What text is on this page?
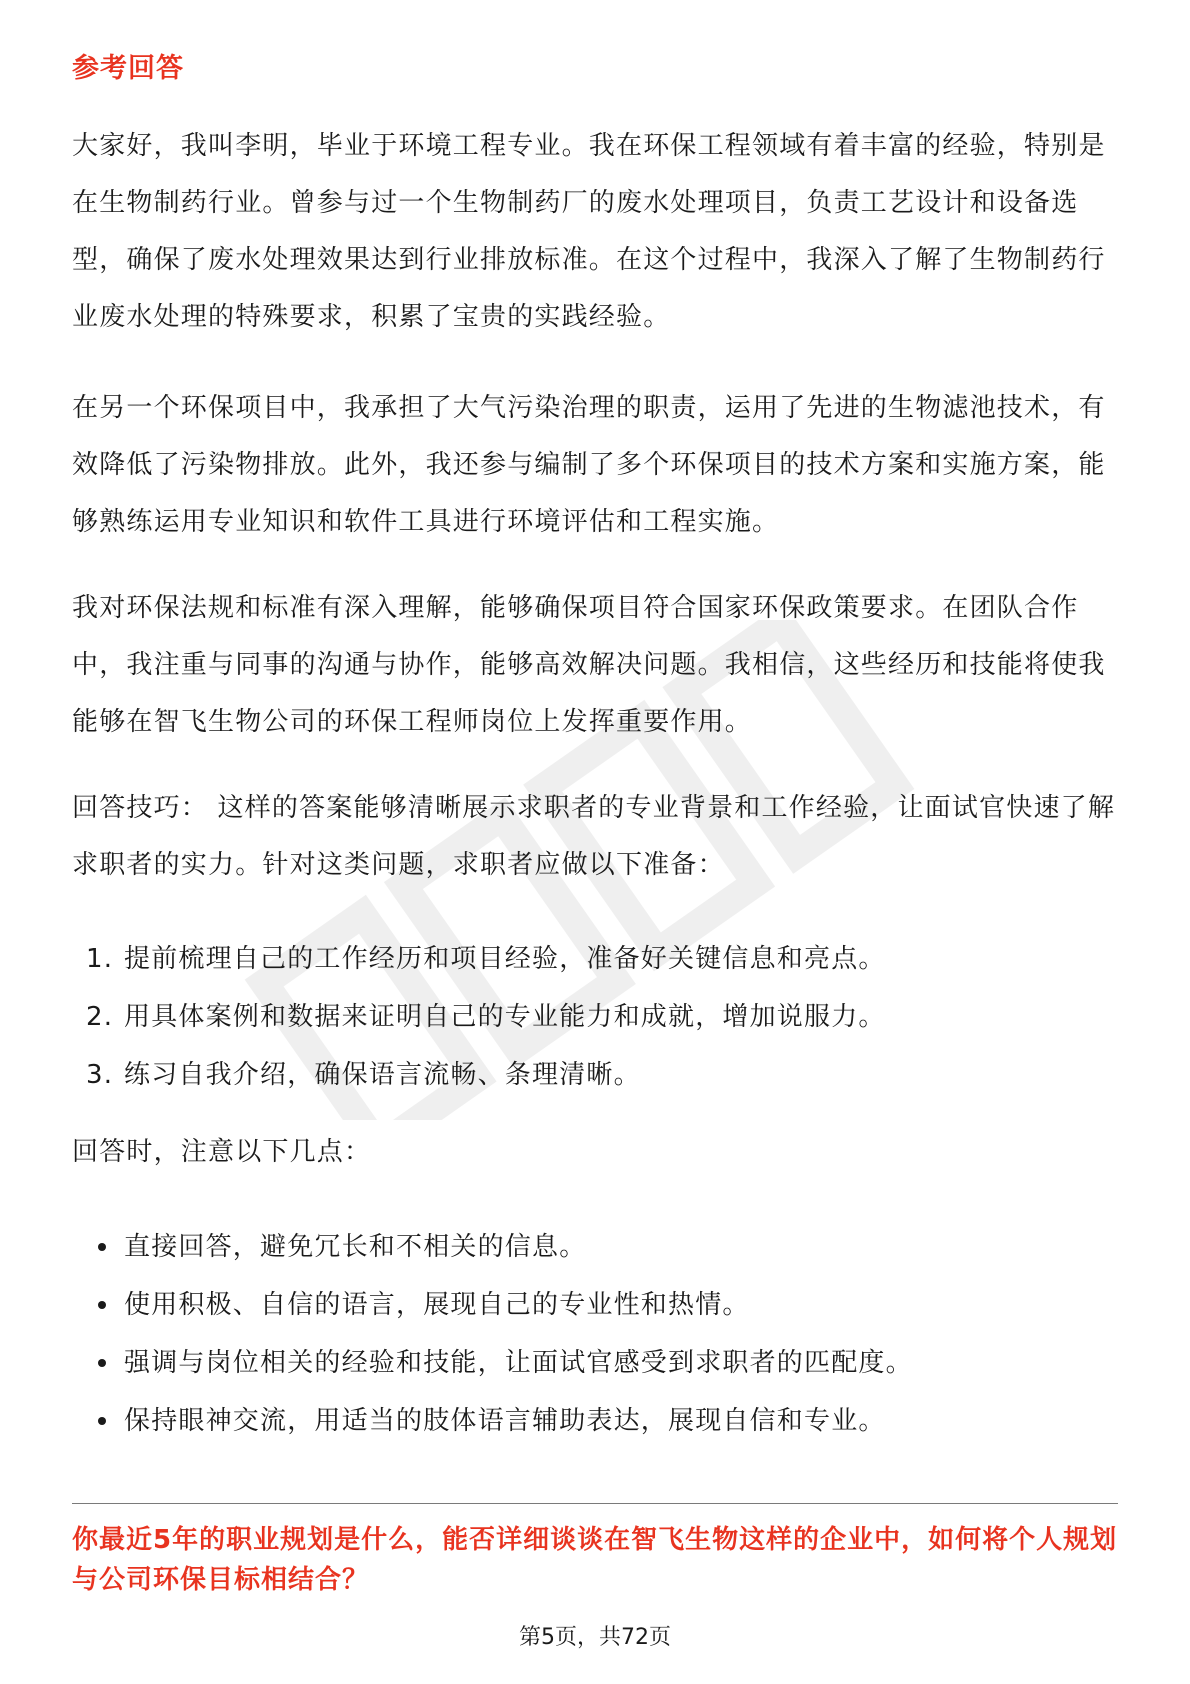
参考回答

大家好，我叫李明，毕业于环境工程专业。我在环保工程领域有着丰富的经验，特别是在生物制药行业。曾参与过一个生物制药厂的废水处理项目，负责工艺设计和设备选型，确保了废水处理效果达到行业排放标准。在这个过程中，我深入了解了生物制药行业废水处理的特殊要求，积累了宝贵的实践经验。

在另一个环保项目中，我承担了大气污染治理的职责，运用了先进的生物滤池技术，有效降低了污染物排放。此外，我还参与编制了多个环保项目的技术方案和实施方案，能够熟练运用专业知识和软件工具进行环境评估和工程实施。

我对环保法规和标准有深入理解，能够确保项目符合国家环保政策要求。在团队合作中，我注重与同事的沟通与协作，能够高效解决问题。我相信，这些经历和技能将使我能够在智飞生物公司的环保工程师岗位上发挥重要作用。

回答技巧： 这样的答案能够清晰展示求职者的专业背景和工作经验，让面试官快速了解求职者的实力。针对这类问题，求职者应做以下准备：

1. 提前梳理自己的工作经历和项目经验，准备好关键信息和亮点。
2. 用具体案例和数据来证明自己的专业能力和成就，增加说服力。
3. 练习自我介绍，确保语言流畅、条理清晰。

回答时，注意以下几点：

直接回答，避免冗长和不相关的信息。
使用积极、自信的语言，展现自己的专业性和热情。
强调与岗位相关的经验和技能，让面试官感受到求职者的匹配度。
保持眼神交流，用适当的肢体语言辅助表达，展现自信和专业。

你最近5年的职业规划是什么，能否详细谈谈在智飞生物这样的企业中，如何将个人规划与公司环保目标相结合？

第5页，共72页
